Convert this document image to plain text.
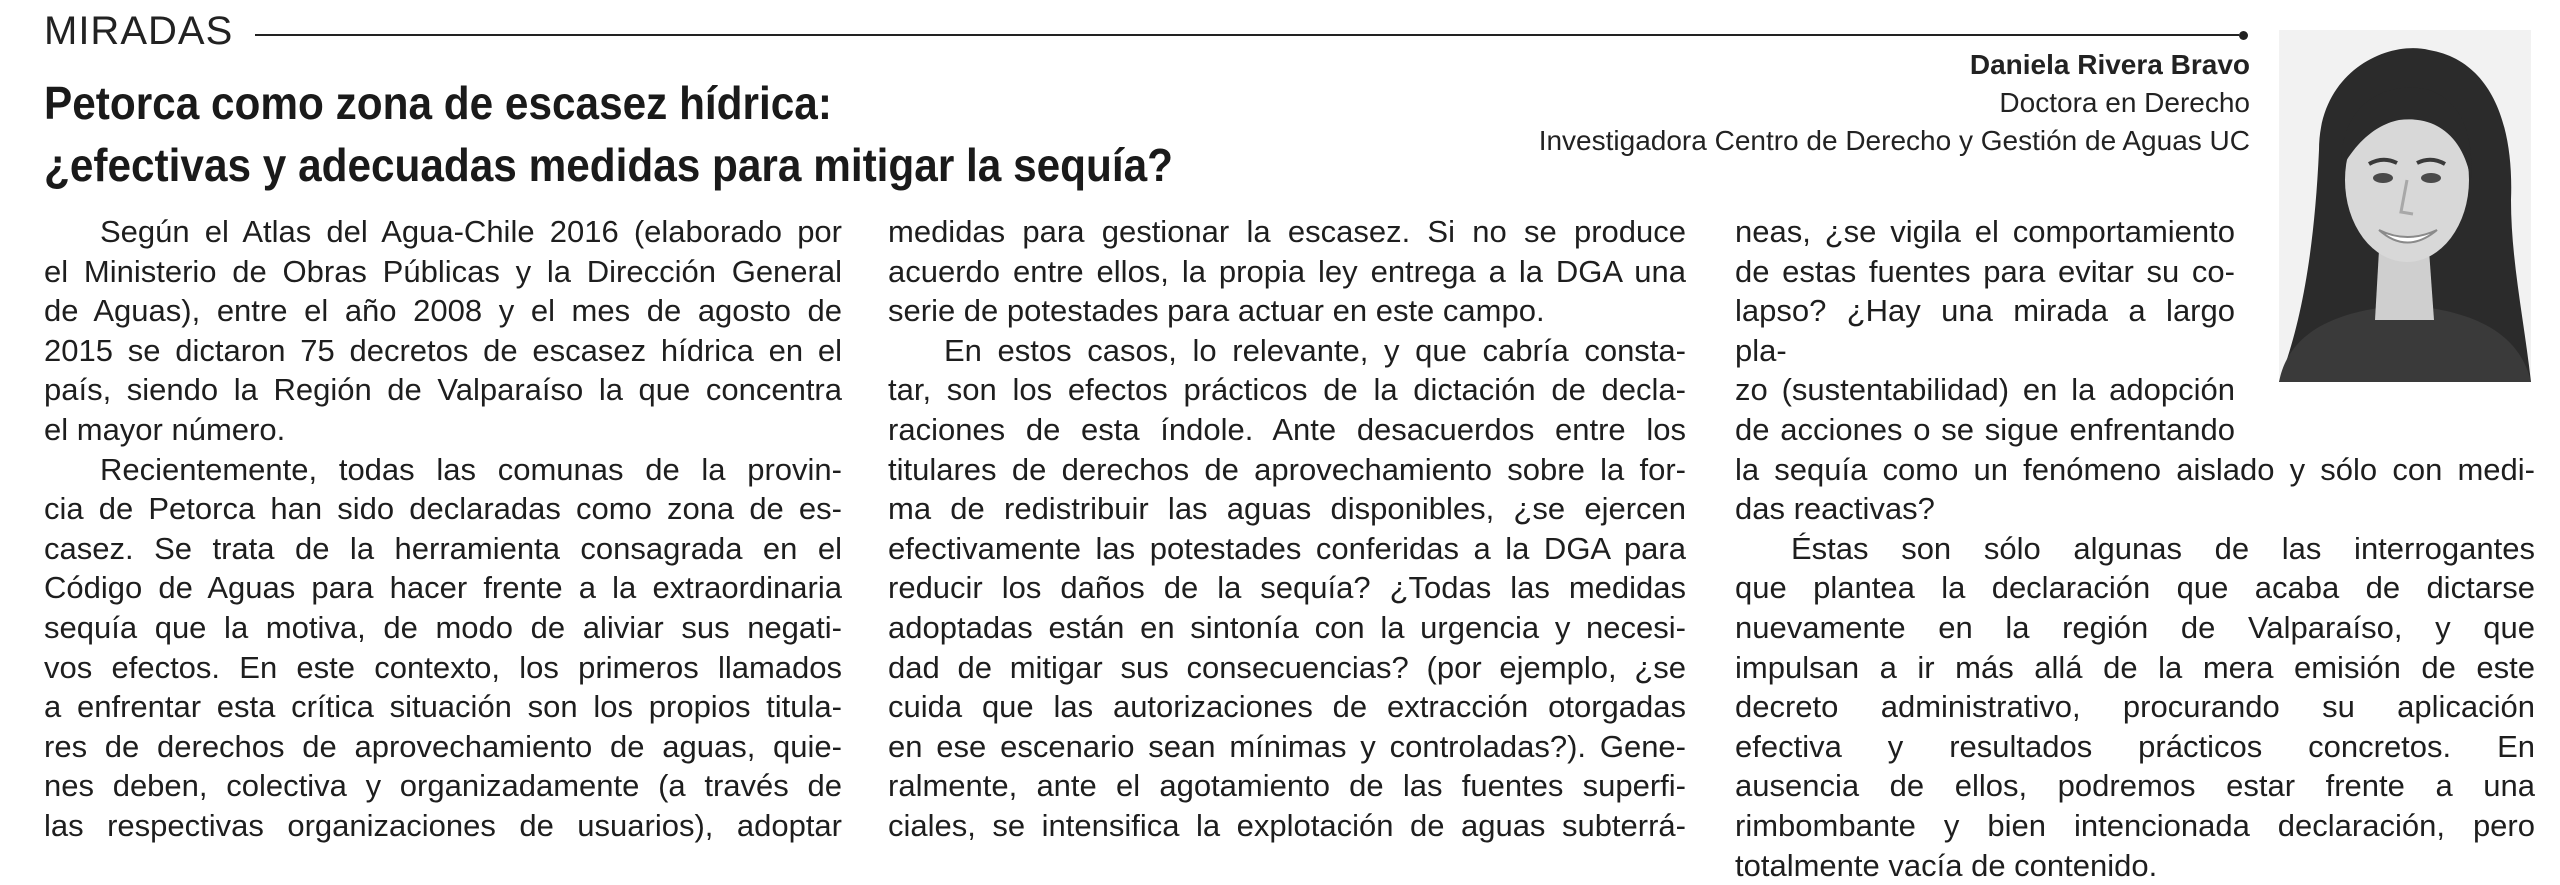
MIRADAS
Petorca como zona de escasez hídrica:
¿efectivas y adecuadas medidas para mitigar la sequía?
Daniela Rivera Bravo
Doctora en Derecho
Investigadora Centro de Derecho y Gestión de Aguas UC
Según el Atlas del Agua-Chile 2016 (elaborado por
el Ministerio de Obras Públicas y la Dirección General
de Aguas), entre el año 2008 y el mes de agosto de
2015 se dictaron 75 decretos de escasez hídrica en el
país, siendo la Región de Valparaíso la que concentra
el mayor número.
Recientemente, todas las comunas de la provin-
cia de Petorca han sido declaradas como zona de es-
casez. Se trata de la herramienta consagrada en el
Código de Aguas para hacer frente a la extraordinaria
sequía que la motiva, de modo de aliviar sus negati-
vos efectos. En este contexto, los primeros llamados
a enfrentar esta crítica situación son los propios titula-
res de derechos de aprovechamiento de aguas, quie-
nes deben, colectiva y organizadamente (a través de
las respectivas organizaciones de usuarios), adoptar
medidas para gestionar la escasez. Si no se produce
acuerdo entre ellos, la propia ley entrega a la DGA una
serie de potestades para actuar en este campo.
En estos casos, lo relevante, y que cabría consta-
tar, son los efectos prácticos de la dictación de decla-
raciones de esta índole. Ante desacuerdos entre los
titulares de derechos de aprovechamiento sobre la for-
ma de redistribuir las aguas disponibles, ¿se ejercen
efectivamente las potestades conferidas a la DGA para
reducir los daños de la sequía? ¿Todas las medidas
adoptadas están en sintonía con la urgencia y necesi-
dad de mitigar sus consecuencias? (por ejemplo, ¿se
cuida que las autorizaciones de extracción otorgadas
en ese escenario sean mínimas y controladas?). Gene-
ralmente, ante el agotamiento de las fuentes superfi-
ciales, se intensifica la explotación de aguas subterrá-
neas, ¿se vigila el comportamiento
de estas fuentes para evitar su co-
lapso? ¿Hay una mirada a largo pla-
zo (sustentabilidad) en la adopción
de acciones o se sigue enfrentando
la sequía como un fenómeno aislado y sólo con medi-
das reactivas?
Éstas son sólo algunas de las interrogantes
que plantea la declaración que acaba de dictarse
nuevamente en la región de Valparaíso, y que
impulsan a ir más allá de la mera emisión de este
decreto administrativo, procurando su aplicación
efectiva y resultados prácticos concretos. En
ausencia de ellos, podremos estar frente a una
rimbombante y bien intencionada declaración, pero
totalmente vacía de contenido.
